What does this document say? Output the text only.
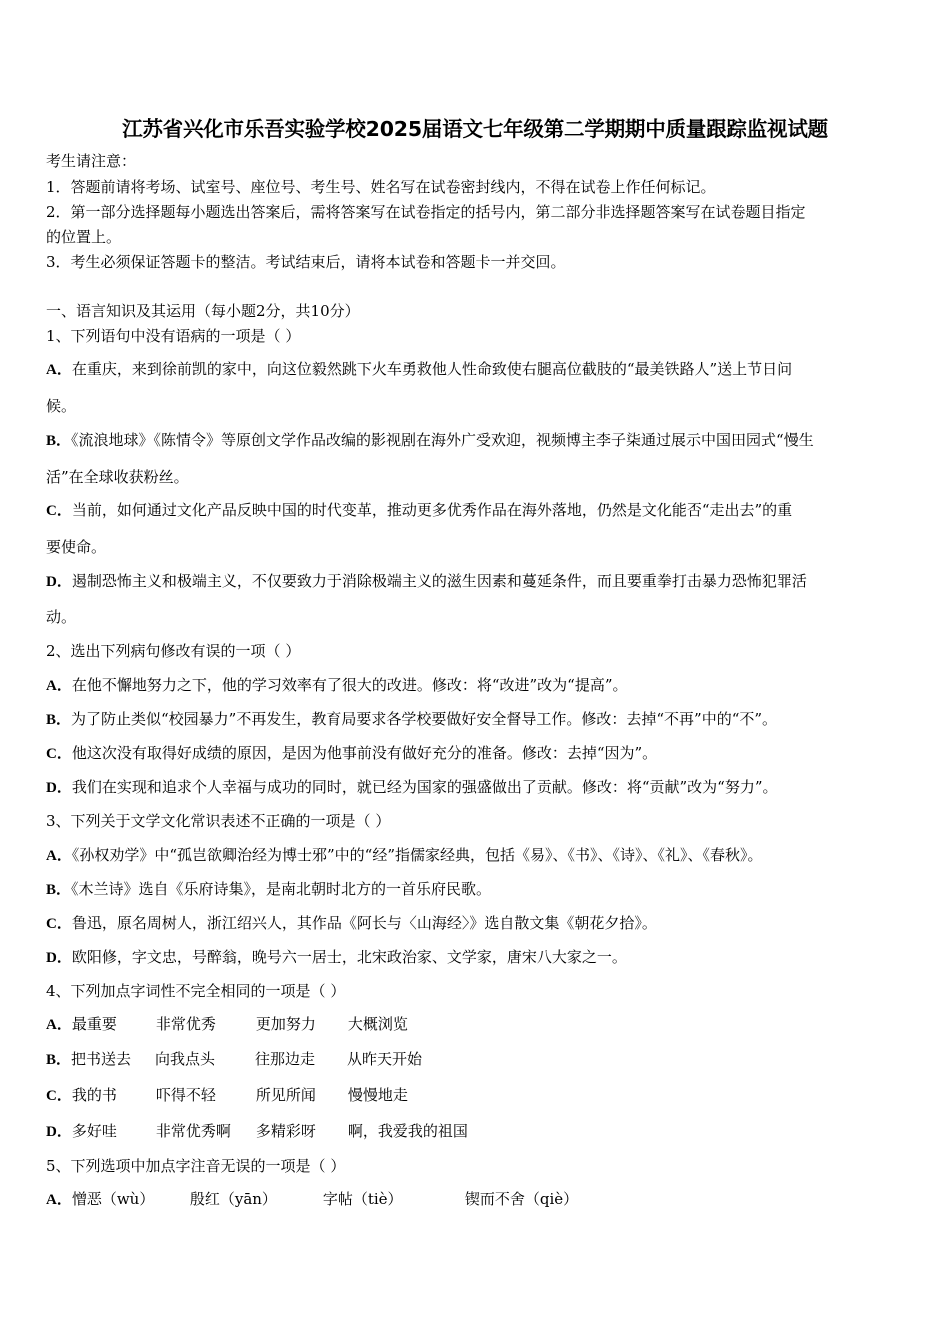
江苏省兴化市乐吾实验学校2025届语文七年级第二学期期中质量跟踪监视试题
考生请注意：
1．答题前请将考场、试室号、座位号、考生号、姓名写在试卷密封线内，不得在试卷上作任何标记。
2．第一部分选择题每小题选出答案后，需将答案写在试卷指定的括号内，第二部分非选择题答案写在试卷题目指定
的位置上。
3．考生必须保证答题卡的整洁。考试结束后，请将本试卷和答题卡一并交回。
一、语言知识及其运用（每小题2分，共10分）
1、下列语句中没有语病的一项是（ ）
A．在重庆，来到徐前凯的家中，向这位毅然跳下火车勇救他人性命致使右腿高位截肢的“最美铁路人”送上节日问
候。
B．《流浪地球》《陈情令》等原创文学作品改编的影视剧在海外广受欢迎，视频博主李子柒通过展示中国田园式“慢生
活”在全球收获粉丝。
C．当前，如何通过文化产品反映中国的时代变革，推动更多优秀作品在海外落地，仍然是文化能否“走出去”的重
要使命。
D．遏制恐怖主义和极端主义，不仅要致力于消除极端主义的滋生因素和蔓延条件，而且要重拳打击暴力恐怖犯罪活
动。
2、选出下列病句修改有误的一项（ ）
A．在他不懈地努力之下，他的学习效率有了很大的改进。修改：将“改进”改为“提高”。
B．为了防止类似“校园暴力”不再发生，教育局要求各学校要做好安全督导工作。修改：去掉“不再”中的“不”。
C．他这次没有取得好成绩的原因，是因为他事前没有做好充分的准备。修改：去掉“因为”。
D．我们在实现和追求个人幸福与成功的同时，就已经为国家的强盛做出了贡献。修改：将“贡献”改为“努力”。
3、下列关于文学文化常识表述不正确的一项是（ ）
A．《孙权劝学》中“孤岂欲卿治经为博士邪”中的“经”指儒家经典，包括《易》、《书》、《诗》、《礼》、《春秋》。
B．《木兰诗》选自《乐府诗集》，是南北朝时北方的一首乐府民歌。
C．鲁迅，原名周树人，浙江绍兴人，其作品《阿长与〈山海经〉》选自散文集《朝花夕拾》。
D．欧阳修，字文忠，号醉翁，晚号六一居士，北宋政治家、文学家，唐宋八大家之一。
4、下列加点字词性不完全相同的一项是（ ）
A．最重要	非常优秀	更加努力 大概浏览
B．把书送去 向我点头	往那边走 从昨天开始
C．我的书	吓得不轻	所见所闻 慢慢地走
D．多好哇	非常优秀啊 多精彩呀 啊，我爱我的祖国
5、下列选项中加点字注音无误的一项是（ ）
A．憎恶（wù） 殷红（yān）	字帖（tiè）	锲而不舍（qiè）
